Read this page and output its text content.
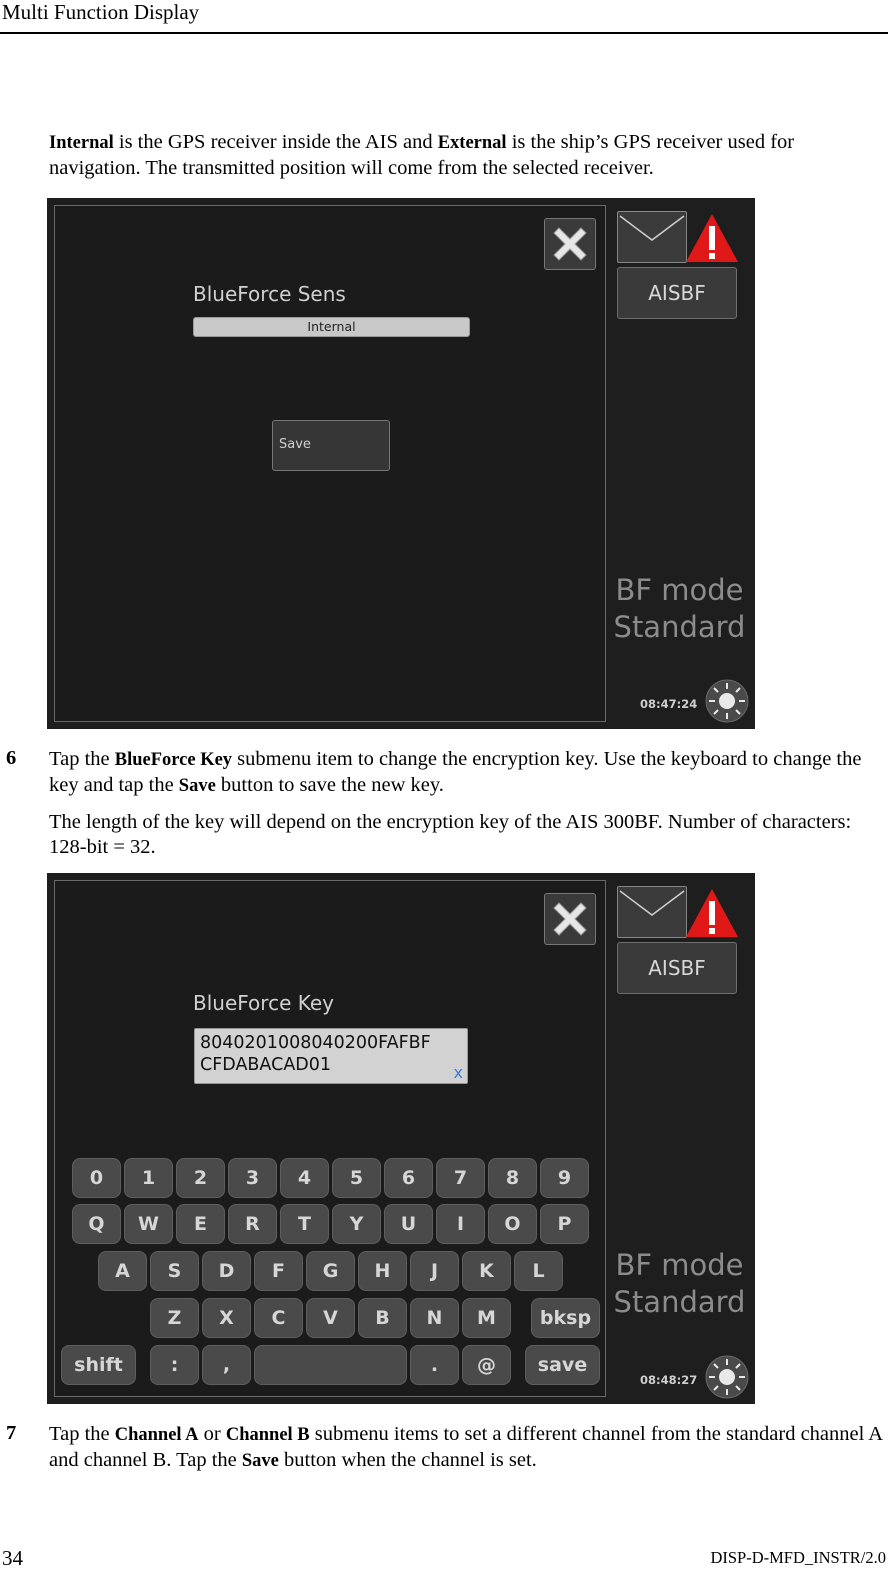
Multi Function Display

Internal is the GPS receiver inside the AIS and External is the ship’s GPS receiver used for navigation. The transmitted position will come from the selected receiver.

BlueForce Sens
Internal
Save
AISBF
BF mode
Standard
08:47:24
6 Tap the BlueForce Key submenu item to change the encryption key. Use the keyboard to change the key and tap the Save button to save the new key.

The length of the key will depend on the encryption key of the AIS 300BF. Number of characters: 128-bit = 32.

BlueForce Key
8040201008040200FAFBF
CFDABACAD01	x
AISBF
BF mode
Standard
08:48:27
0	1	2	3	4	5	6	7	8	9
Q	W	E	R	T	Y	U	I	O	P
A	S	D	F	G	H	J	K	L
Z	X	C	V	B	N	M	bksp
shift	:	,	.	@	save
7 Tap the Channel A or Channel B submenu items to set a different channel from the standard channel A and channel B. Tap the Save button when the channel is set.

34	DISP-D-MFD_INSTR/2.0
